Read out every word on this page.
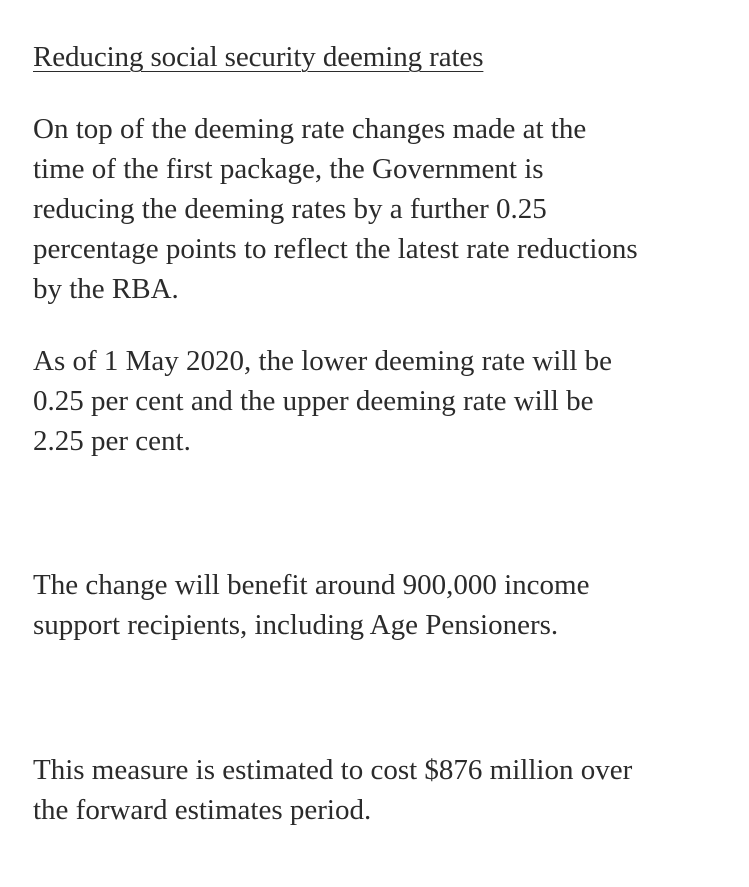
Reducing social security deeming rates

On top of the deeming rate changes made at the
time of the first package, the Government is
reducing the deeming rates by a further 0.25
percentage points to reflect the latest rate reductions
by the RBA.

As of 1 May 2020, the lower deeming rate will be
0.25 per cent and the upper deeming rate will be
2.25 per cent.

The change will benefit around 900,000 income
support recipients, including Age Pensioners.

This measure is estimated to cost $876 million over
the forward estimates period.
